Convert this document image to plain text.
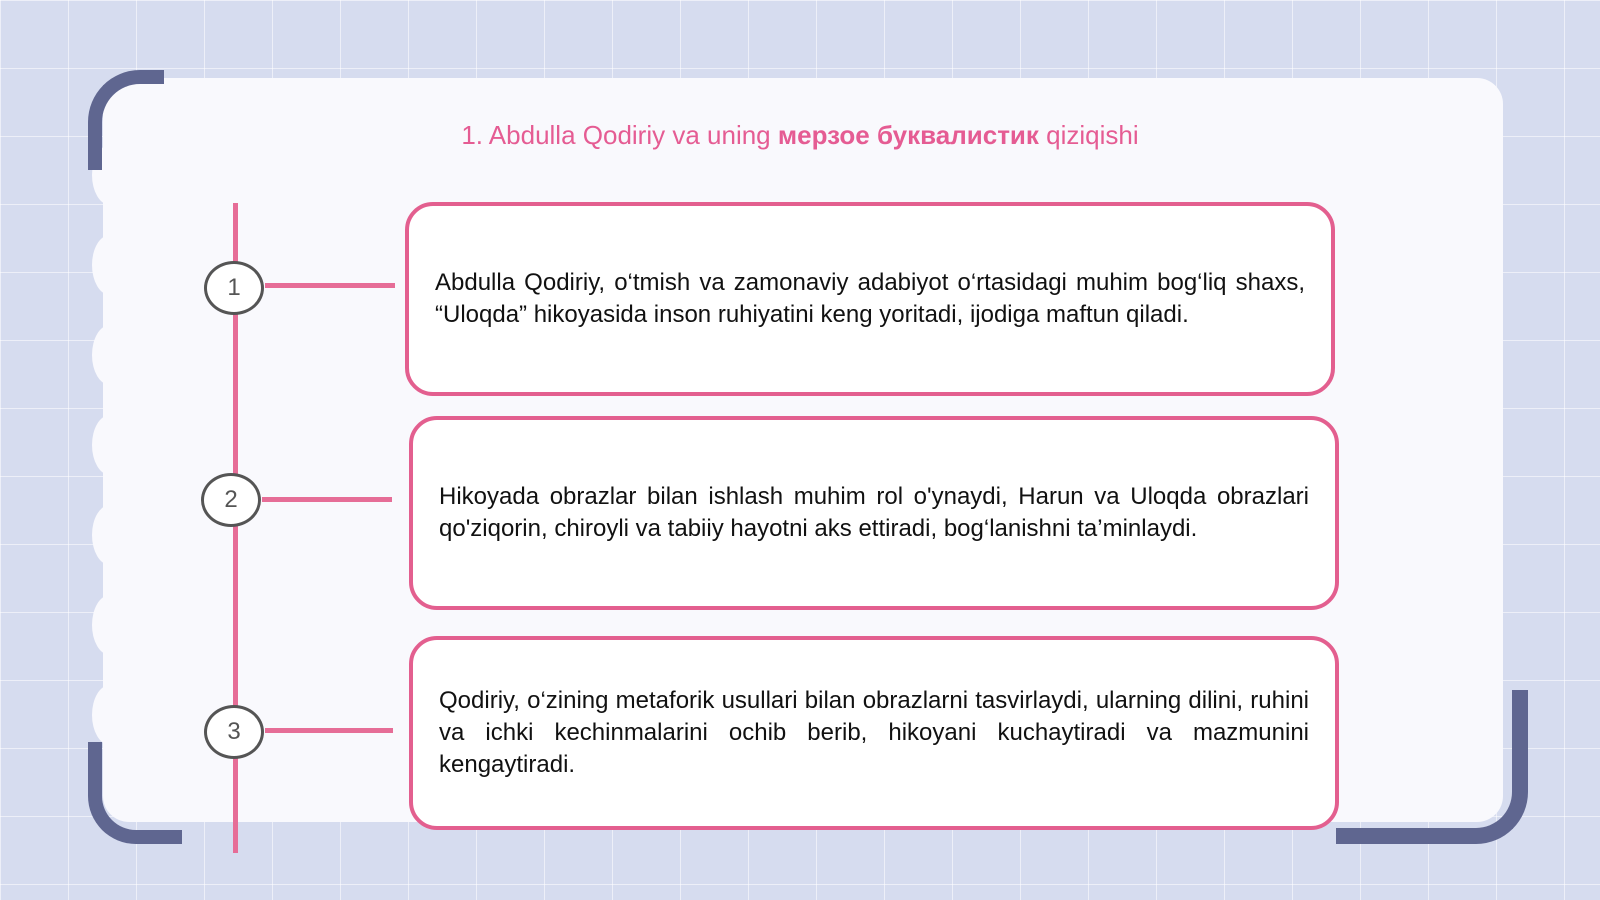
1. Abdulla Qodiriy va uning мерзое буквалистик qiziqishi
1
2
3

Abdulla Qodiriy, o‘tmish va zamonaviy adabiyot o‘rtasidagi muhim bog‘liq shaxs, “Uloqda” hikoyasida inson ruhiyatini keng yoritadi, ijodiga maftun qiladi.

Hikoyada obrazlar bilan ishlash muhim rol o'ynaydi, Harun va Uloqda obrazlari qo'ziqorin, chiroyli va tabiiy hayotni aks ettiradi, bog‘lanishni ta’minlaydi.

Qodiriy, o‘zining metaforik usullari bilan obrazlarni tasvirlaydi, ularning dilini, ruhini va ichki kechinmalarini ochib berib, hikoyani kuchaytiradi va mazmunini kengaytiradi.
